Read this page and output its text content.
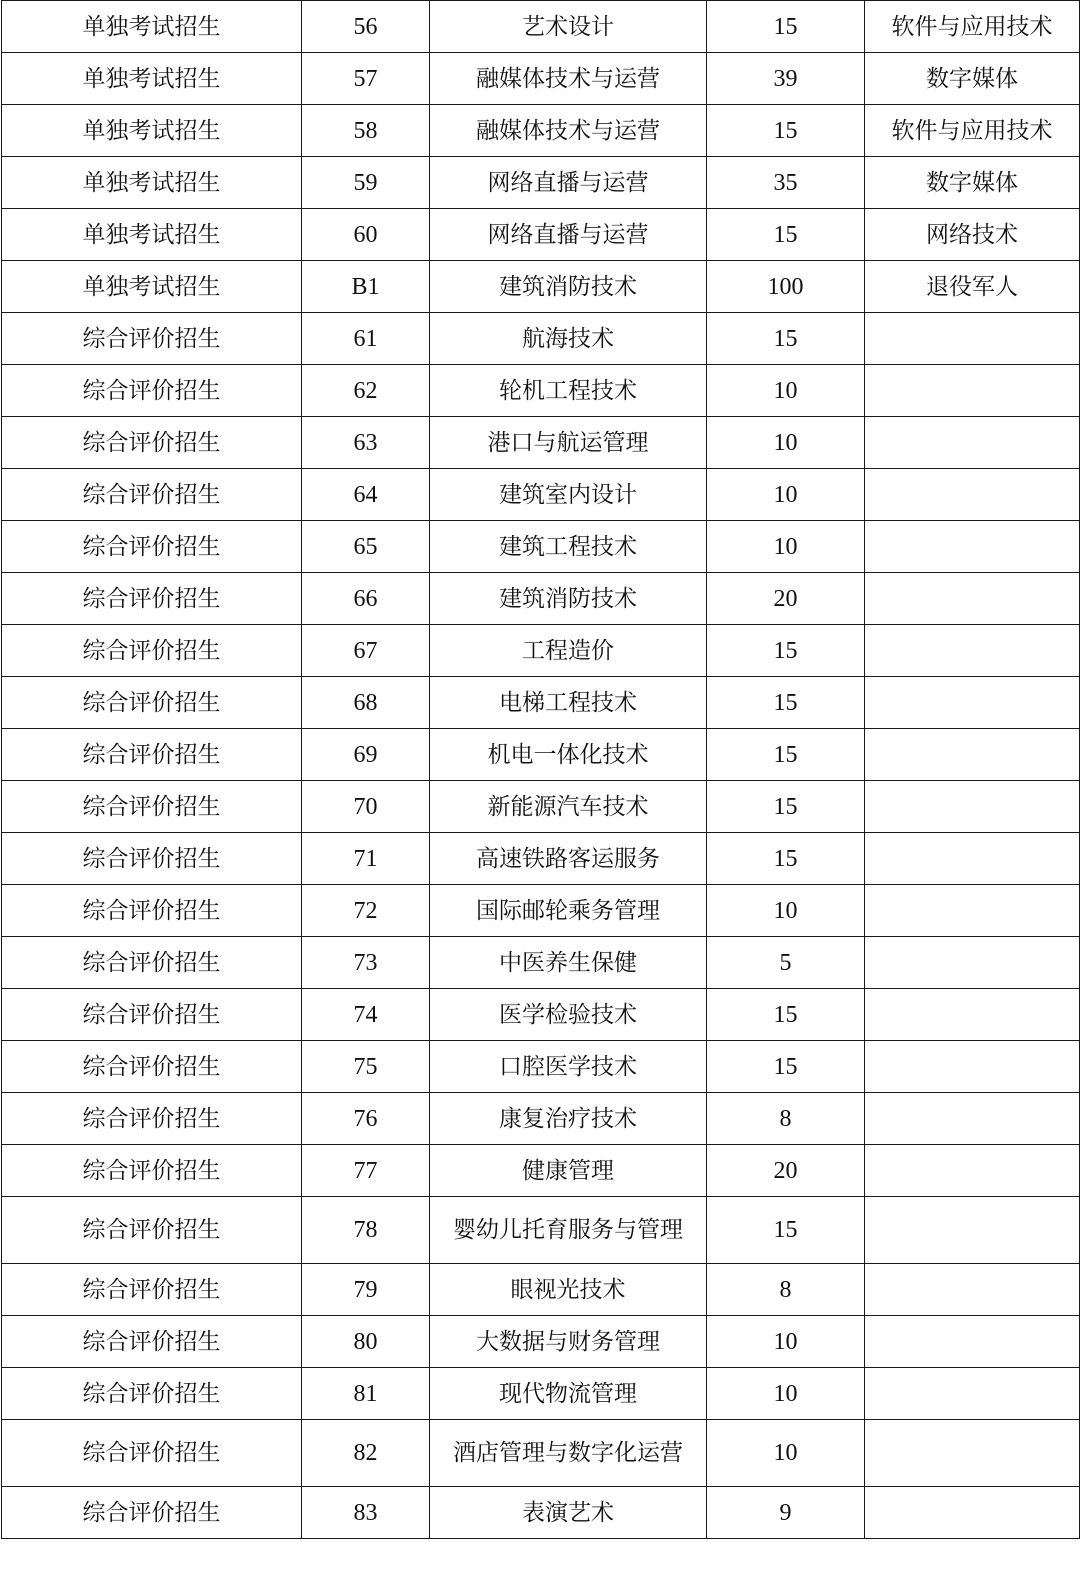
单独考试招生	56	艺术设计	15	软件与应用技术
单独考试招生	57	融媒体技术与运营	39	数字媒体
单独考试招生	58	融媒体技术与运营	15	软件与应用技术
单独考试招生	59	网络直播与运营	35	数字媒体
单独考试招生	60	网络直播与运营	15	网络技术
单独考试招生	B1	建筑消防技术	100	退役军人
综合评价招生	61	航海技术	15	
综合评价招生	62	轮机工程技术	10	
综合评价招生	63	港口与航运管理	10	
综合评价招生	64	建筑室内设计	10	
综合评价招生	65	建筑工程技术	10	
综合评价招生	66	建筑消防技术	20	
综合评价招生	67	工程造价	15	
综合评价招生	68	电梯工程技术	15	
综合评价招生	69	机电一体化技术	15	
综合评价招生	70	新能源汽车技术	15	
综合评价招生	71	高速铁路客运服务	15	
综合评价招生	72	国际邮轮乘务管理	10	
综合评价招生	73	中医养生保健	5	
综合评价招生	74	医学检验技术	15	
综合评价招生	75	口腔医学技术	15	
综合评价招生	76	康复治疗技术	8	
综合评价招生	77	健康管理	20	
综合评价招生	78	婴幼儿托育服务与管理	15	
综合评价招生	79	眼视光技术	8	
综合评价招生	80	大数据与财务管理	10	
综合评价招生	81	现代物流管理	10	
综合评价招生	82	酒店管理与数字化运营	10	
综合评价招生	83	表演艺术	9	
